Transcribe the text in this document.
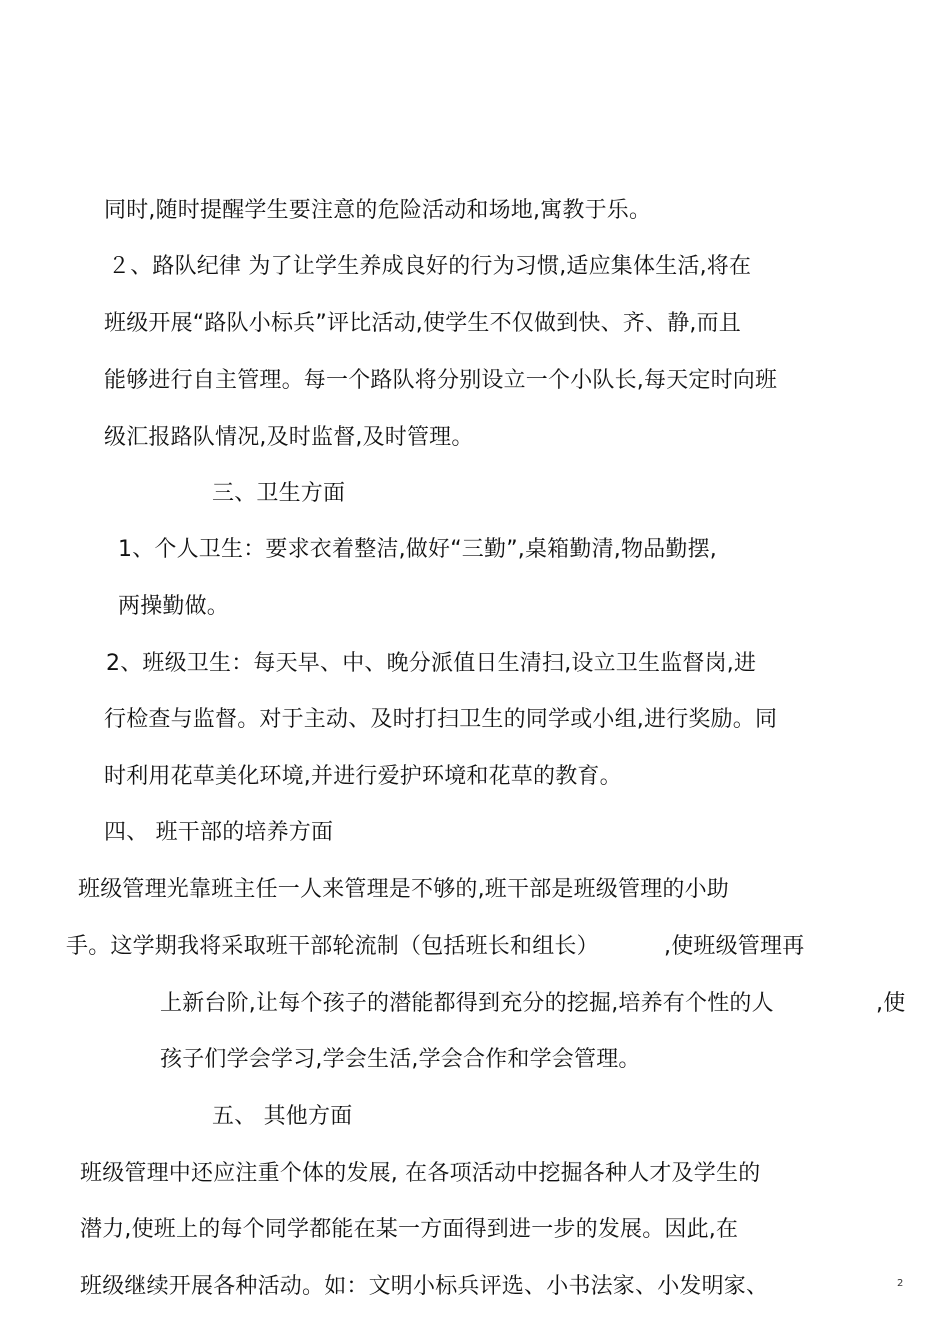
同时,随时提醒学生要注意的危险活动和场地,寓教于乐。
２、路队纪律 为了让学生养成良好的行为习惯,适应集体生活,将在
班级开展“路队小标兵”评比活动,使学生不仅做到快、齐、静,而且
能够进行自主管理。每一个路队将分别设立一个小队长,每天定时向班
级汇报路队情况,及时监督,及时管理。
三、卫生方面
1、个人卫生：要求衣着整洁,做好“三勤”,桌箱勤清,物品勤摆,
两操勤做。
2、班级卫生：每天早、中、晚分派值日生清扫,设立卫生监督岗,进
行检查与监督。对于主动、及时打扫卫生的同学或小组,进行奖励。同
时利用花草美化环境,并进行爱护环境和花草的教育。
四、 班干部的培养方面
班级管理光靠班主任一人来管理是不够的,班干部是班级管理的小助
手。这学期我将采取班干部轮流制（包括班长和组长）	,使班级管理再
上新台阶,让每个孩子的潜能都得到充分的挖掘,培养有个性的人	,使
孩子们学会学习,学会生活,学会合作和学会管理。
五、 其他方面
班级管理中还应注重个体的发展, 在各项活动中挖掘各种人才及学生的
潜力,使班上的每个同学都能在某一方面得到进一步的发展。因此,在
班级继续开展各种活动。如：文明小标兵评选、小书法家、小发明家、	2
